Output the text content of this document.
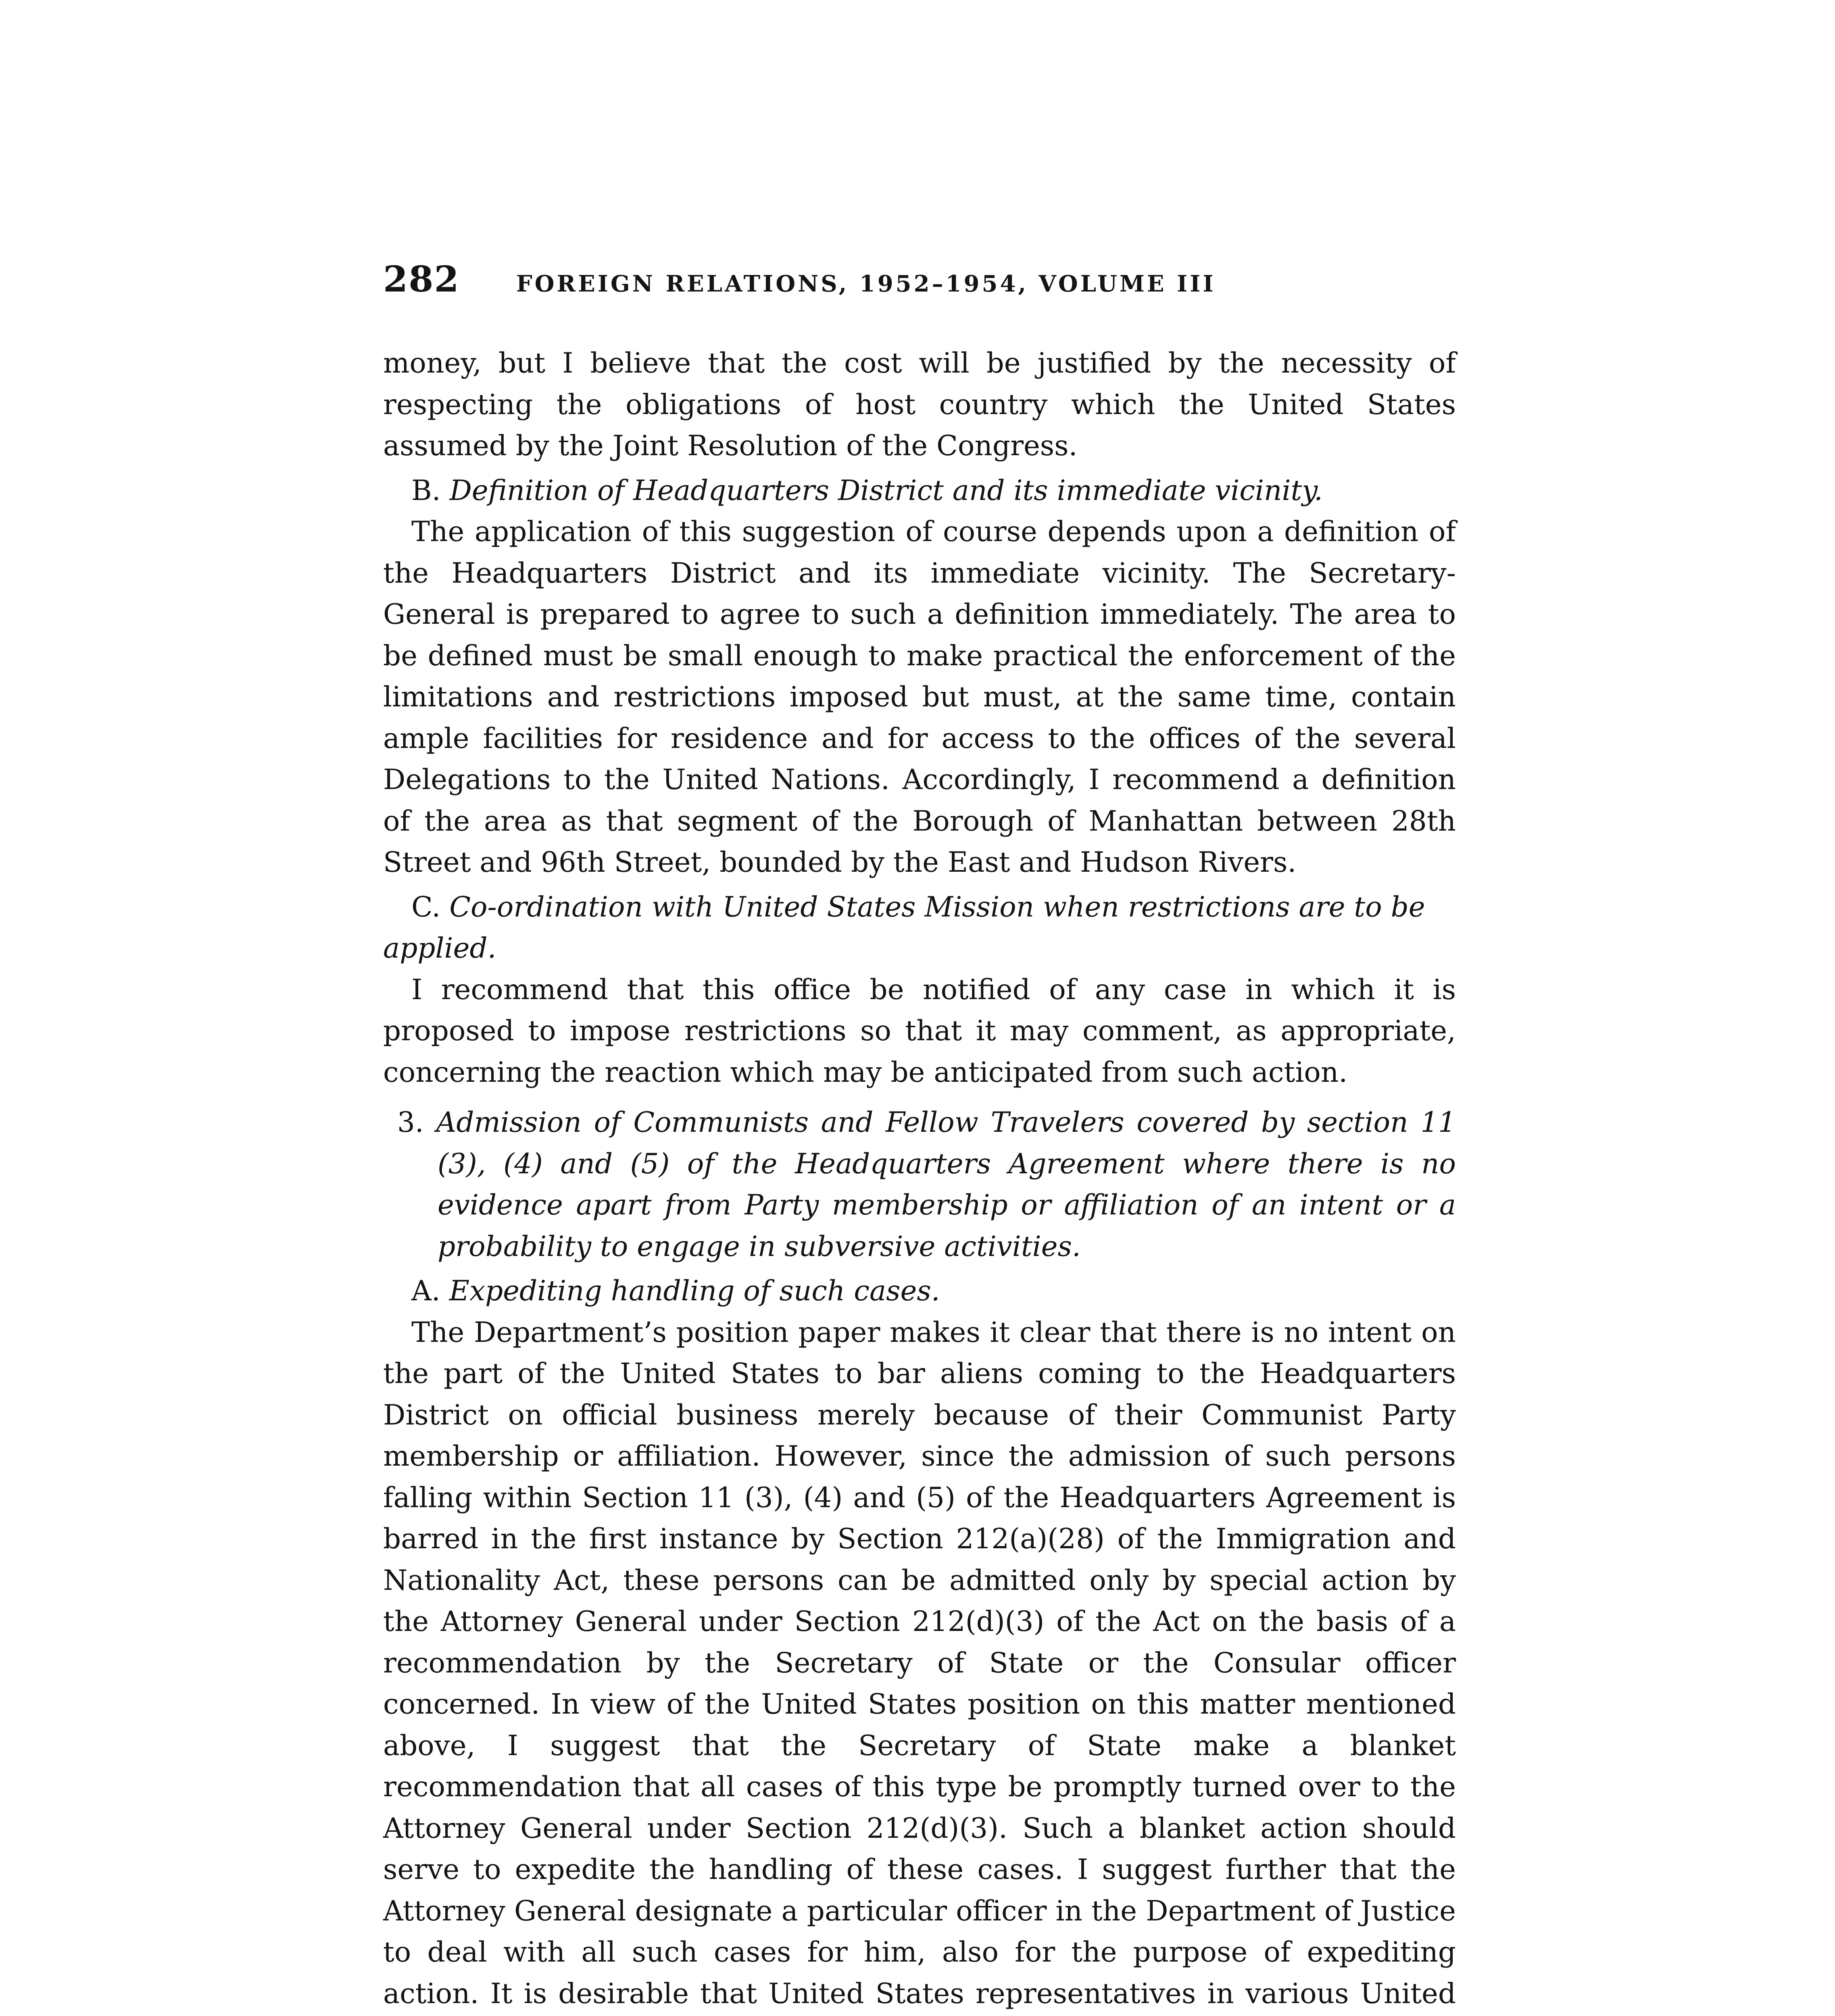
282	FOREIGN RELATIONS, 1952–1954, VOLUME III

money, but I believe that the cost will be justified by the necessity of respecting the obligations of host country which the United States assumed by the Joint Resolution of the Congress.

B. Definition of Headquarters District and its immediate vicinity.

The application of this suggestion of course depends upon a definition of the Headquarters District and its immediate vicinity. The Secretary-General is prepared to agree to such a definition immediately. The area to be defined must be small enough to make practical the enforcement of the limitations and restrictions imposed but must, at the same time, contain ample facilities for residence and for access to the offices of the several Delegations to the United Nations. Accordingly, I recommend a definition of the area as that segment of the Borough of Manhattan between 28th Street and 96th Street, bounded by the East and Hudson Rivers.

C. Co-ordination with United States Mission when restrictions are to be applied.

I recommend that this office be notified of any case in which it is proposed to impose restrictions so that it may comment, as appropriate, concerning the reaction which may be anticipated from such action.

3. Admission of Communists and Fellow Travelers covered by section 11 (3), (4) and (5) of the Headquarters Agreement where there is no evidence apart from Party membership or affiliation of an intent or a probability to engage in subversive activities.

A. Expediting handling of such cases.

The Department’s position paper makes it clear that there is no intent on the part of the United States to bar aliens coming to the Headquarters District on official business merely because of their Communist Party membership or affiliation. However, since the admission of such persons falling within Section 11 (3), (4) and (5) of the Headquarters Agreement is barred in the first instance by Section 212(a)(28) of the Immigration and Nationality Act, these persons can be admitted only by special action by the Attorney General under Section 212(d)(3) of the Act on the basis of a recommendation by the Secretary of State or the Consular officer concerned. In view of the United States position on this matter mentioned above, I suggest that the Secretary of State make a blanket recommendation that all cases of this type be promptly turned over to the Attorney General under Section 212(d)(3). Such a blanket action should serve to expedite the handling of these cases. I suggest further that the Attorney General designate a particular officer in the Department of Justice to deal with all such cases for him, also for the purpose of expediting action. It is desirable that United States representatives in various United
